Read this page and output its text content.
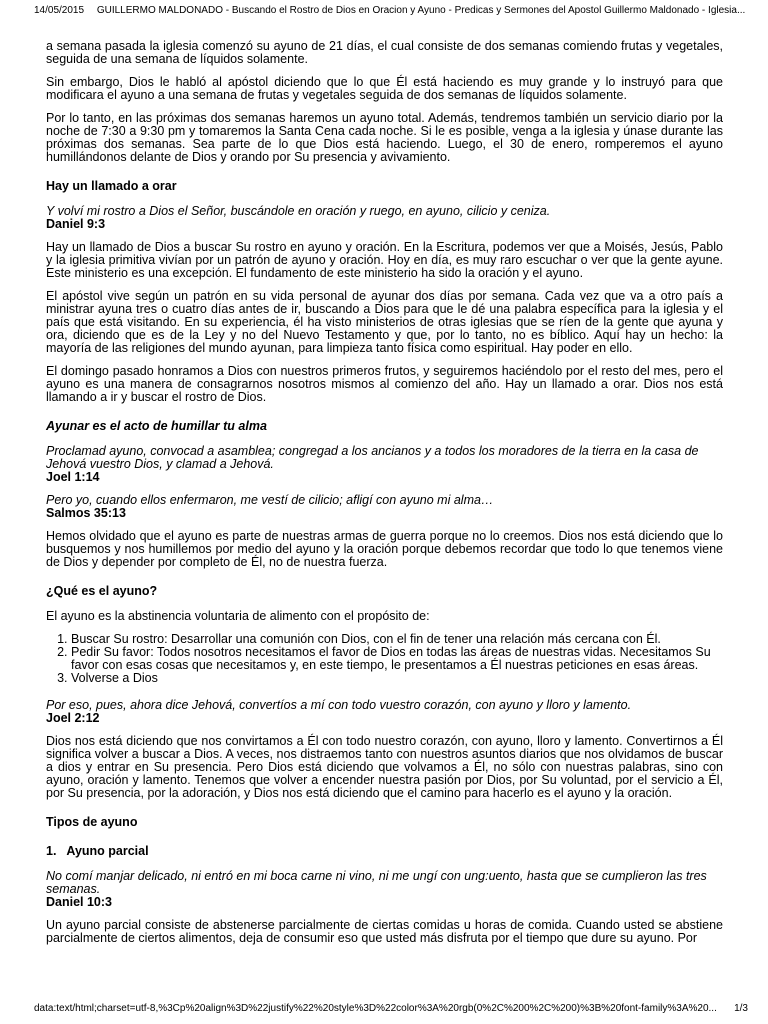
14/05/2015 GUILLERMO MALDONADO - Buscando el Rostro de Dios en Oracion y Ayuno - Predicas y Sermones del Apostol Guillermo Maldonado - Iglesia...

a semana pasada la iglesia comenzó su ayuno de 21 días, el cual consiste de dos semanas comiendo frutas y vegetales, seguida de una semana de líquidos solamente.

Sin embargo, Dios le habló al apóstol diciendo que lo que Él está haciendo es muy grande y lo instruyó para que modificara el ayuno a una semana de frutas y vegetales seguida de dos semanas de líquidos solamente.

Por lo tanto, en las próximas dos semanas haremos un ayuno total. Además, tendremos también un servicio diario por la noche de 7:30 a 9:30 pm y tomaremos la Santa Cena cada noche. Si le es posible, venga a la iglesia y únase durante las próximas dos semanas. Sea parte de lo que Dios está haciendo. Luego, el 30 de enero, romperemos el ayuno humillándonos delante de Dios y orando por Su presencia y avivamiento.

Hay un llamado a orar
Y volví mi rostro a Dios el Señor, buscándole en oración y ruego, en ayuno, cilicio y ceniza.
Daniel 9:3

Hay un llamado de Dios a buscar Su rostro en ayuno y oración. En la Escritura, podemos ver que a Moisés, Jesús, Pablo y la iglesia primitiva vivían por un patrón de ayuno y oración. Hoy en día, es muy raro escuchar o ver que la gente ayune. Este ministerio es una excepción. El fundamento de este ministerio ha sido la oración y el ayuno.

El apóstol vive según un patrón en su vida personal de ayunar dos días por semana. Cada vez que va a otro país a ministrar ayuna tres o cuatro días antes de ir, buscando a Dios para que le dé una palabra específica para la iglesia y el país que está visitando. En su experiencia, él ha visto ministerios de otras iglesias que se ríen de la gente que ayuna y ora, diciendo que es de la Ley y no del Nuevo Testamento y que, por lo tanto, no es bíblico. Aquí hay un hecho: la mayoría de las religiones del mundo ayunan, para limpieza tanto física como espiritual. Hay poder en ello.

El domingo pasado honramos a Dios con nuestros primeros frutos, y seguiremos haciéndolo por el resto del mes, pero el ayuno es una manera de consagrarnos nosotros mismos al comienzo del año. Hay un llamado a orar. Dios nos está llamando a ir y buscar el rostro de Dios.

Ayunar es el acto de humillar tu alma
Proclamad ayuno, convocad a asamblea; congregad a los ancianos y a todos los moradores de la tierra en la casa de Jehová vuestro Dios, y clamad a Jehová.
Joel 1:14
Pero yo, cuando ellos enfermaron, me vestí de cilicio; afligí con ayuno mi alma…
Salmos 35:13

Hemos olvidado que el ayuno es parte de nuestras armas de guerra porque no lo creemos. Dios nos está diciendo que lo busquemos y nos humillemos por medio del ayuno y la oración porque debemos recordar que todo lo que tenemos viene de Dios y depender por completo de Él, no de nuestra fuerza.

¿Qué es el ayuno?

El ayuno es la abstinencia voluntaria de alimento con el propósito de:

1. Buscar Su rostro: Desarrollar una comunión con Dios, con el fin de tener una relación más cercana con Él.
2. Pedir Su favor: Todos nosotros necesitamos el favor de Dios en todas las áreas de nuestras vidas. Necesitamos Su favor con esas cosas que necesitamos y, en este tiempo, le presentamos a Él nuestras peticiones en esas áreas.
3. Volverse a Dios
Por eso, pues, ahora dice Jehová, convertíos a mí con todo vuestro corazón, con ayuno y lloro y lamento.
Joel 2:12

Dios nos está diciendo que nos convirtamos a Él con todo nuestro corazón, con ayuno, lloro y lamento. Convertirnos a Él significa volver a buscar a Dios. A veces, nos distraemos tanto con nuestros asuntos diarios que nos olvidamos de buscar a dios y entrar en Su presencia. Pero Dios está diciendo que volvamos a Él, no sólo con nuestras palabras, sino con ayuno, oración y lamento. Tenemos que volver a encender nuestra pasión por Dios, por Su voluntad, por el servicio a Él, por Su presencia, por la adoración, y Dios nos está diciendo que el camino para hacerlo es el ayuno y la oración.

Tipos de ayuno
1.   Ayuno parcial
No comí manjar delicado, ni entró en mi boca carne ni vino, ni me ungí con ung:uento, hasta que se cumplieron las tres semanas.
Daniel 10:3

Un ayuno parcial consiste de abstenerse parcialmente de ciertas comidas u horas de comida. Cuando usted se abstiene parcialmente de ciertos alimentos, deja de consumir eso que usted más disfruta por el tiempo que dure su ayuno. Por

data:text/html;charset=utf-8,%3Cp%20align%3D%22justify%22%20style%3D%22color%3A%20rgb(0%2C%200%2C%200)%3B%20font-family%3A%20... 1/3
